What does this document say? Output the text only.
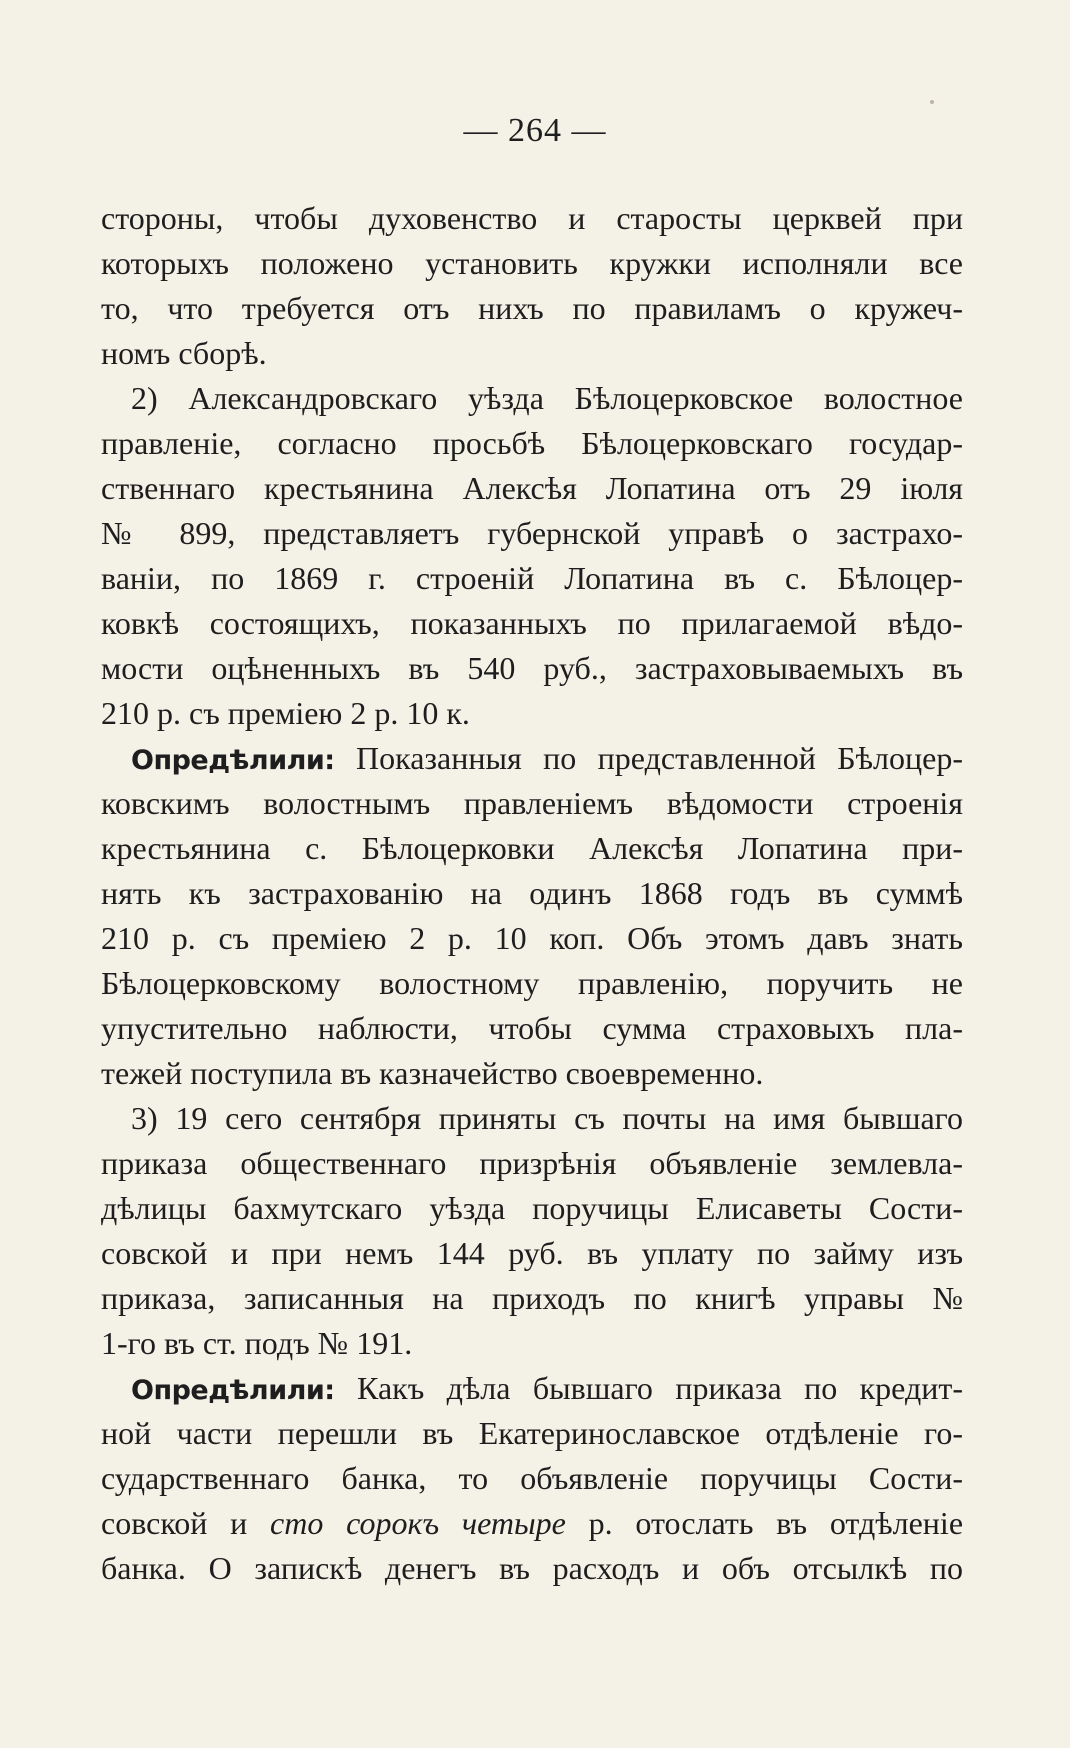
— 264 —
стороны, чтобы духовенство и старосты церквей при
которыхъ положено установить кружки исполняли все
то, что требуется отъ нихъ по правиламъ о кружеч-
номъ сборѣ.
2) Александровскаго уѣзда Бѣлоцерковское волостное
правленіе, согласно просьбѣ Бѣлоцерковскаго государ-
ственнаго крестьянина Алексѣя Лопатина отъ 29 іюля
№ 899, представляетъ губернской управѣ о застрахо-
ваніи, по 1869 г. строеній Лопатина въ с. Бѣлоцер-
ковкѣ состоящихъ, показанныхъ по прилагаемой вѣдо-
мости оцѣненныхъ въ 540 руб., застраховываемыхъ въ
210 р. съ преміею 2 р. 10 к.
Опредѣлили: Показанныя по представленной Бѣлоцер-
ковскимъ волостнымъ правленіемъ вѣдомости строенія
крестьянина с. Бѣлоцерковки Алексѣя Лопатина при-
нять къ застрахованію на одинъ 1868 годъ въ суммѣ
210 р. съ преміею 2 р. 10 коп. Объ этомъ давъ знать
Бѣлоцерковскому волостному правленію, поручить не
упустительно наблюсти, чтобы сумма страховыхъ пла-
тежей поступила въ казначейство своевременно.
3) 19 сего сентября приняты съ почты на имя бывшаго
приказа общественнаго призрѣнія объявленіе землевла-
дѣлицы бахмутскаго уѣзда поручицы Елисаветы Сости-
совской и при немъ 144 руб. въ уплату по займу изъ
приказа, записанныя на приходъ по книгѣ управы №
1-го въ ст. подъ № 191.
Опредѣлили: Какъ дѣла бывшаго приказа по кредит-
ной части перешли въ Екатеринославское отдѣленіе го-
сударственнаго банка, то объявленіе поручицы Сости-
совской и сто сорокъ четыре р. отослать въ отдѣленіе
банка. О запискѣ денегъ въ расходъ и объ отсылкѣ по
